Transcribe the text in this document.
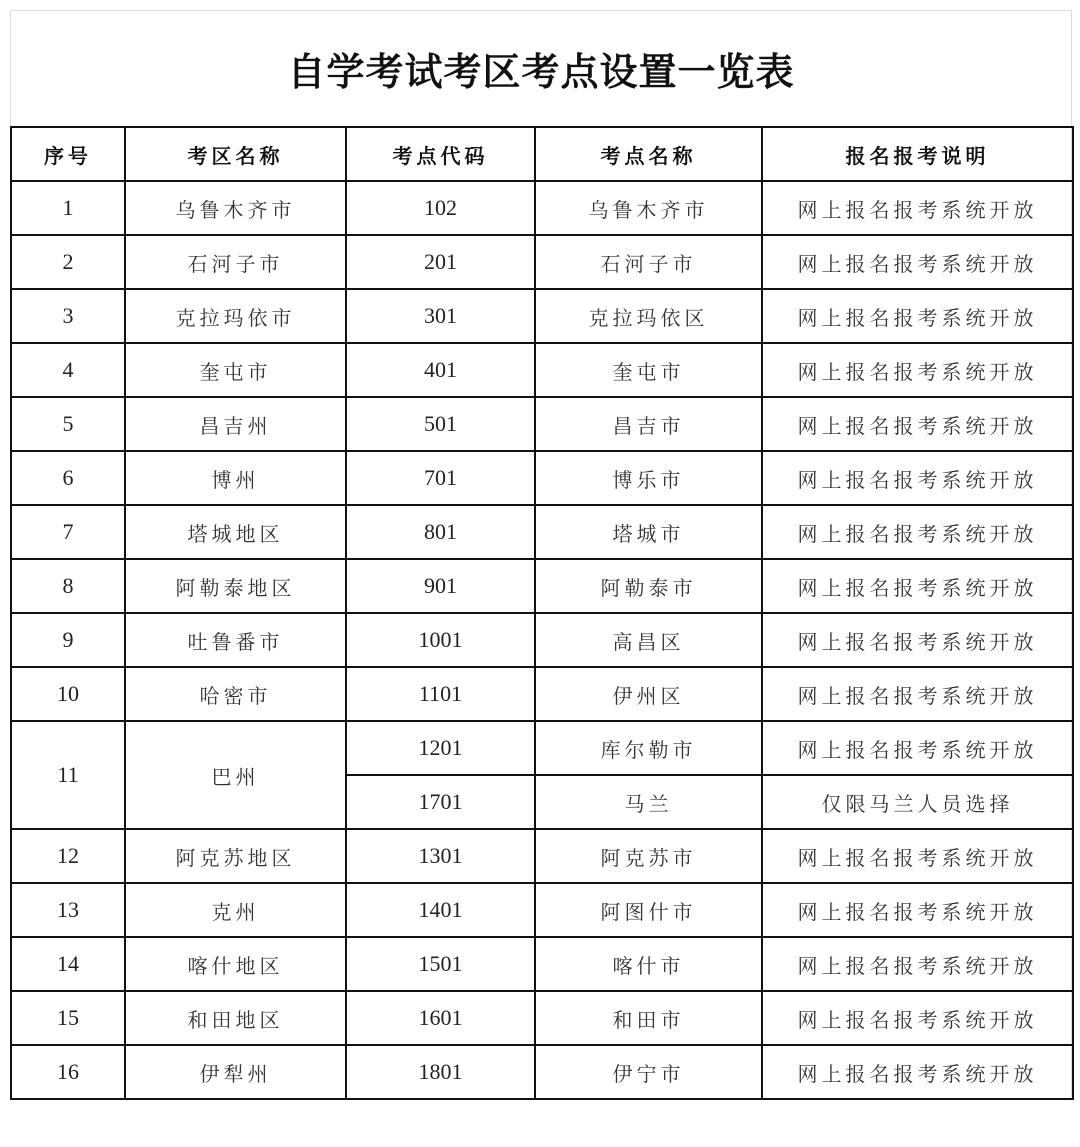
自学考试考区考点设置一览表
序号	考区名称	考点代码	考点名称	报名报考说明
1	乌鲁木齐市	102	乌鲁木齐市	网上报名报考系统开放
2	石河子市	201	石河子市	网上报名报考系统开放
3	克拉玛依市	301	克拉玛依区	网上报名报考系统开放
4	奎屯市	401	奎屯市	网上报名报考系统开放
5	昌吉州	501	昌吉市	网上报名报考系统开放
6	博州	701	博乐市	网上报名报考系统开放
7	塔城地区	801	塔城市	网上报名报考系统开放
8	阿勒泰地区	901	阿勒泰市	网上报名报考系统开放
9	吐鲁番市	1001	高昌区	网上报名报考系统开放
10	哈密市	1101	伊州区	网上报名报考系统开放
11	巴州	1201	库尔勒市	网上报名报考系统开放
		1701	马兰	仅限马兰人员选择
12	阿克苏地区	1301	阿克苏市	网上报名报考系统开放
13	克州	1401	阿图什市	网上报名报考系统开放
14	喀什地区	1501	喀什市	网上报名报考系统开放
15	和田地区	1601	和田市	网上报名报考系统开放
16	伊犁州	1801	伊宁市	网上报名报考系统开放
